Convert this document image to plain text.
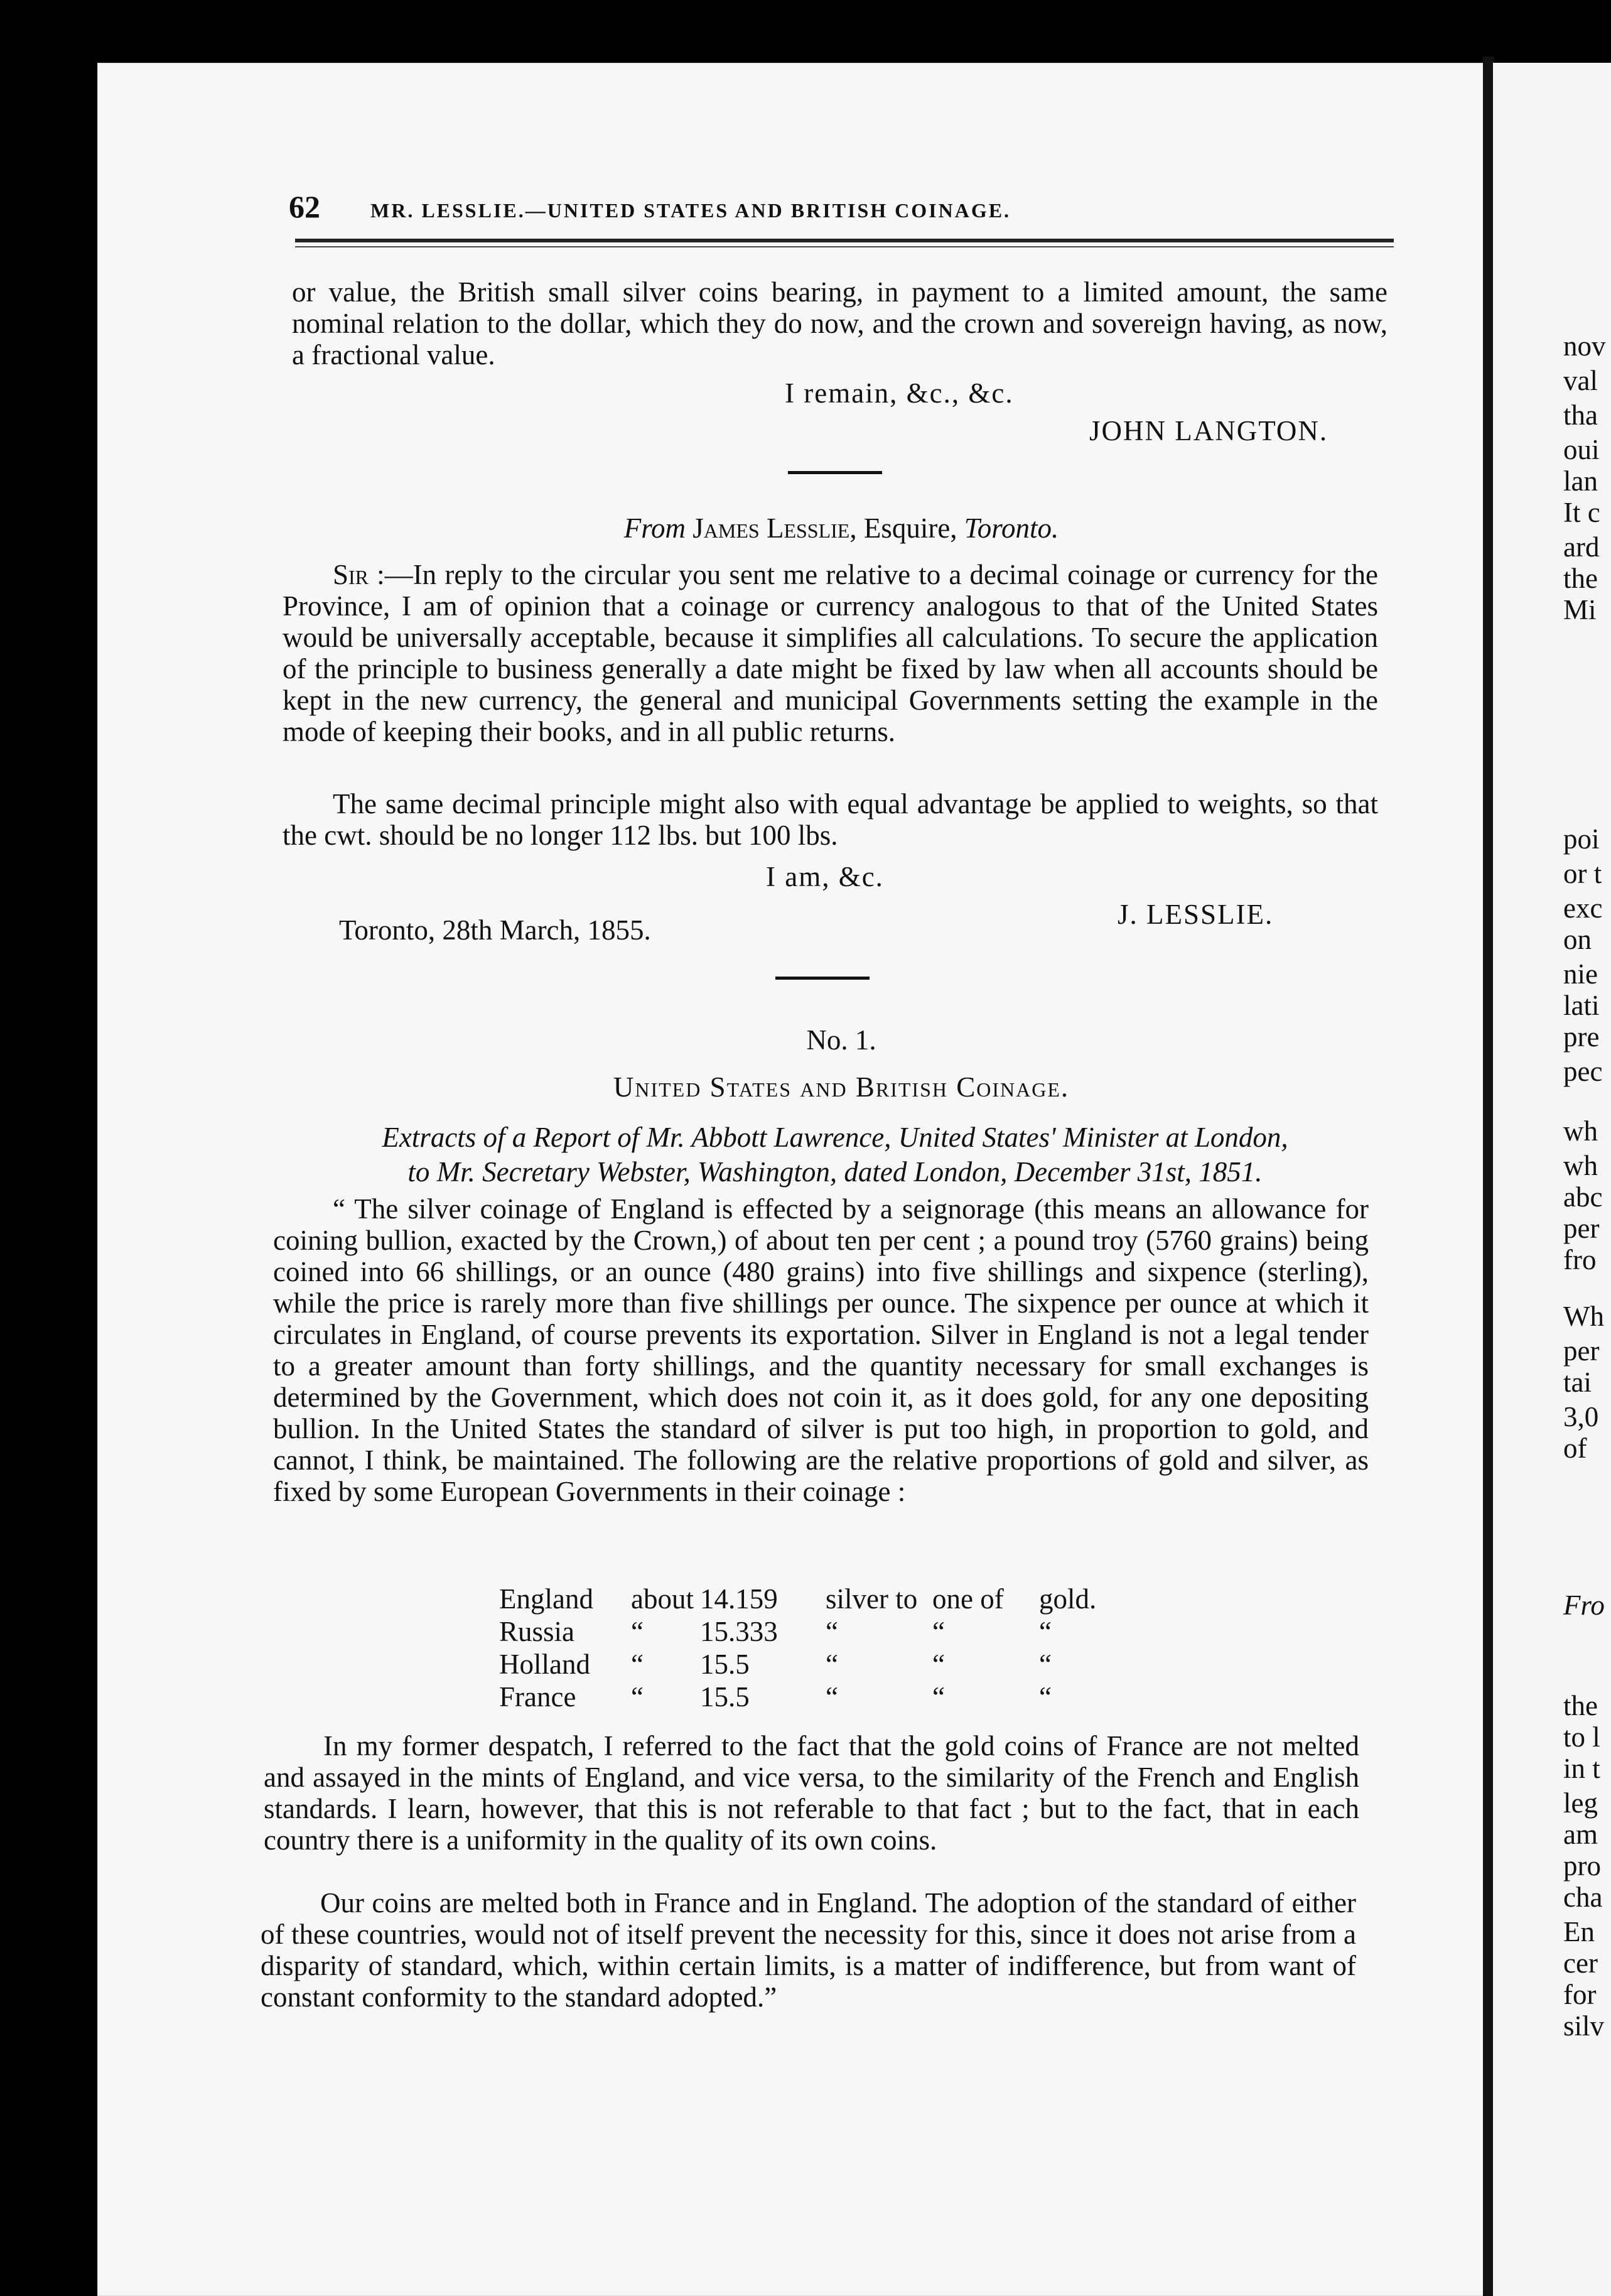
62	MR. LESSLIE.—UNITED STATES AND BRITISH COINAGE.

or value, the British small silver coins bearing, in payment to a limited amount, the same nominal relation to the dollar, which they do now, and the crown and sovereign having, as now, a fractional value.

I remain, &c., &c.

JOHN LANGTON.

From James Lesslie, Esquire, Toronto.

Sir :—In reply to the circular you sent me relative to a decimal coinage or currency for the Province, I am of opinion that a coinage or currency analogous to that of the United States would be universally acceptable, because it simplifies all calculations. To secure the application of the principle to business generally a date might be fixed by law when all accounts should be kept in the new currency, the general and municipal Governments setting the example in the mode of keeping their books, and in all public returns.

The same decimal principle might also with equal advantage be applied to weights, so that the cwt. should be no longer 112 lbs. but 100 lbs.

I am, &c.

Toronto, 28th March, 1855.	J. LESSLIE.

No. 1.

United States and British Coinage.

Extracts of a Report of Mr. Abbott Lawrence, United States' Minister at London,

to Mr. Secretary Webster, Washington, dated London, December 31st, 1851.

“ The silver coinage of England is effected by a seignorage (this means an allowance for coining bullion, exacted by the Crown,) of about ten per cent ; a pound troy (5760 grains) being coined into 66 shillings, or an ounce (480 grains) into five shillings and sixpence (sterling), while the price is rarely more than five shillings per ounce. The sixpence per ounce at which it circulates in England, of course prevents its exportation. Silver in England is not a legal tender to a greater amount than forty shillings, and the quantity necessary for small exchanges is determined by the Government, which does not coin it, as it does gold, for any one depositing bullion. In the United States the standard of silver is put too high, in proportion to gold, and cannot, I think, be maintained. The following are the relative proportions of gold and silver, as fixed by some European Governments in their coinage :

England	about 14.159	silver to one of	gold.
Russia	“	15.333	“	“	“
Holland	“	15.5	“	“	“
France	“	15.5	“	“	“

In my former despatch, I referred to the fact that the gold coins of France are not melted and assayed in the mints of England, and vice versa, to the similarity of the French and English standards. I learn, however, that this is not referable to that fact ; but to the fact, that in each country there is a uniformity in the quality of its own coins.

Our coins are melted both in France and in England. The adoption of the standard of either of these countries, would not of itself prevent the necessity for this, since it does not arise from a disparity of standard, which, within certain limits, is a matter of indifference, but from want of constant conformity to the standard adopted.”

nov
val
tha
oui
lan
It c
ard
the
Mi
poi
or t
exc
on
nie
lati
pre
pec
wh
wh
abc
per
fro
Wh
per
tai
3,0
of
Fro
the
to l
in t
leg
am
pro
cha
En
cer
for
silv
